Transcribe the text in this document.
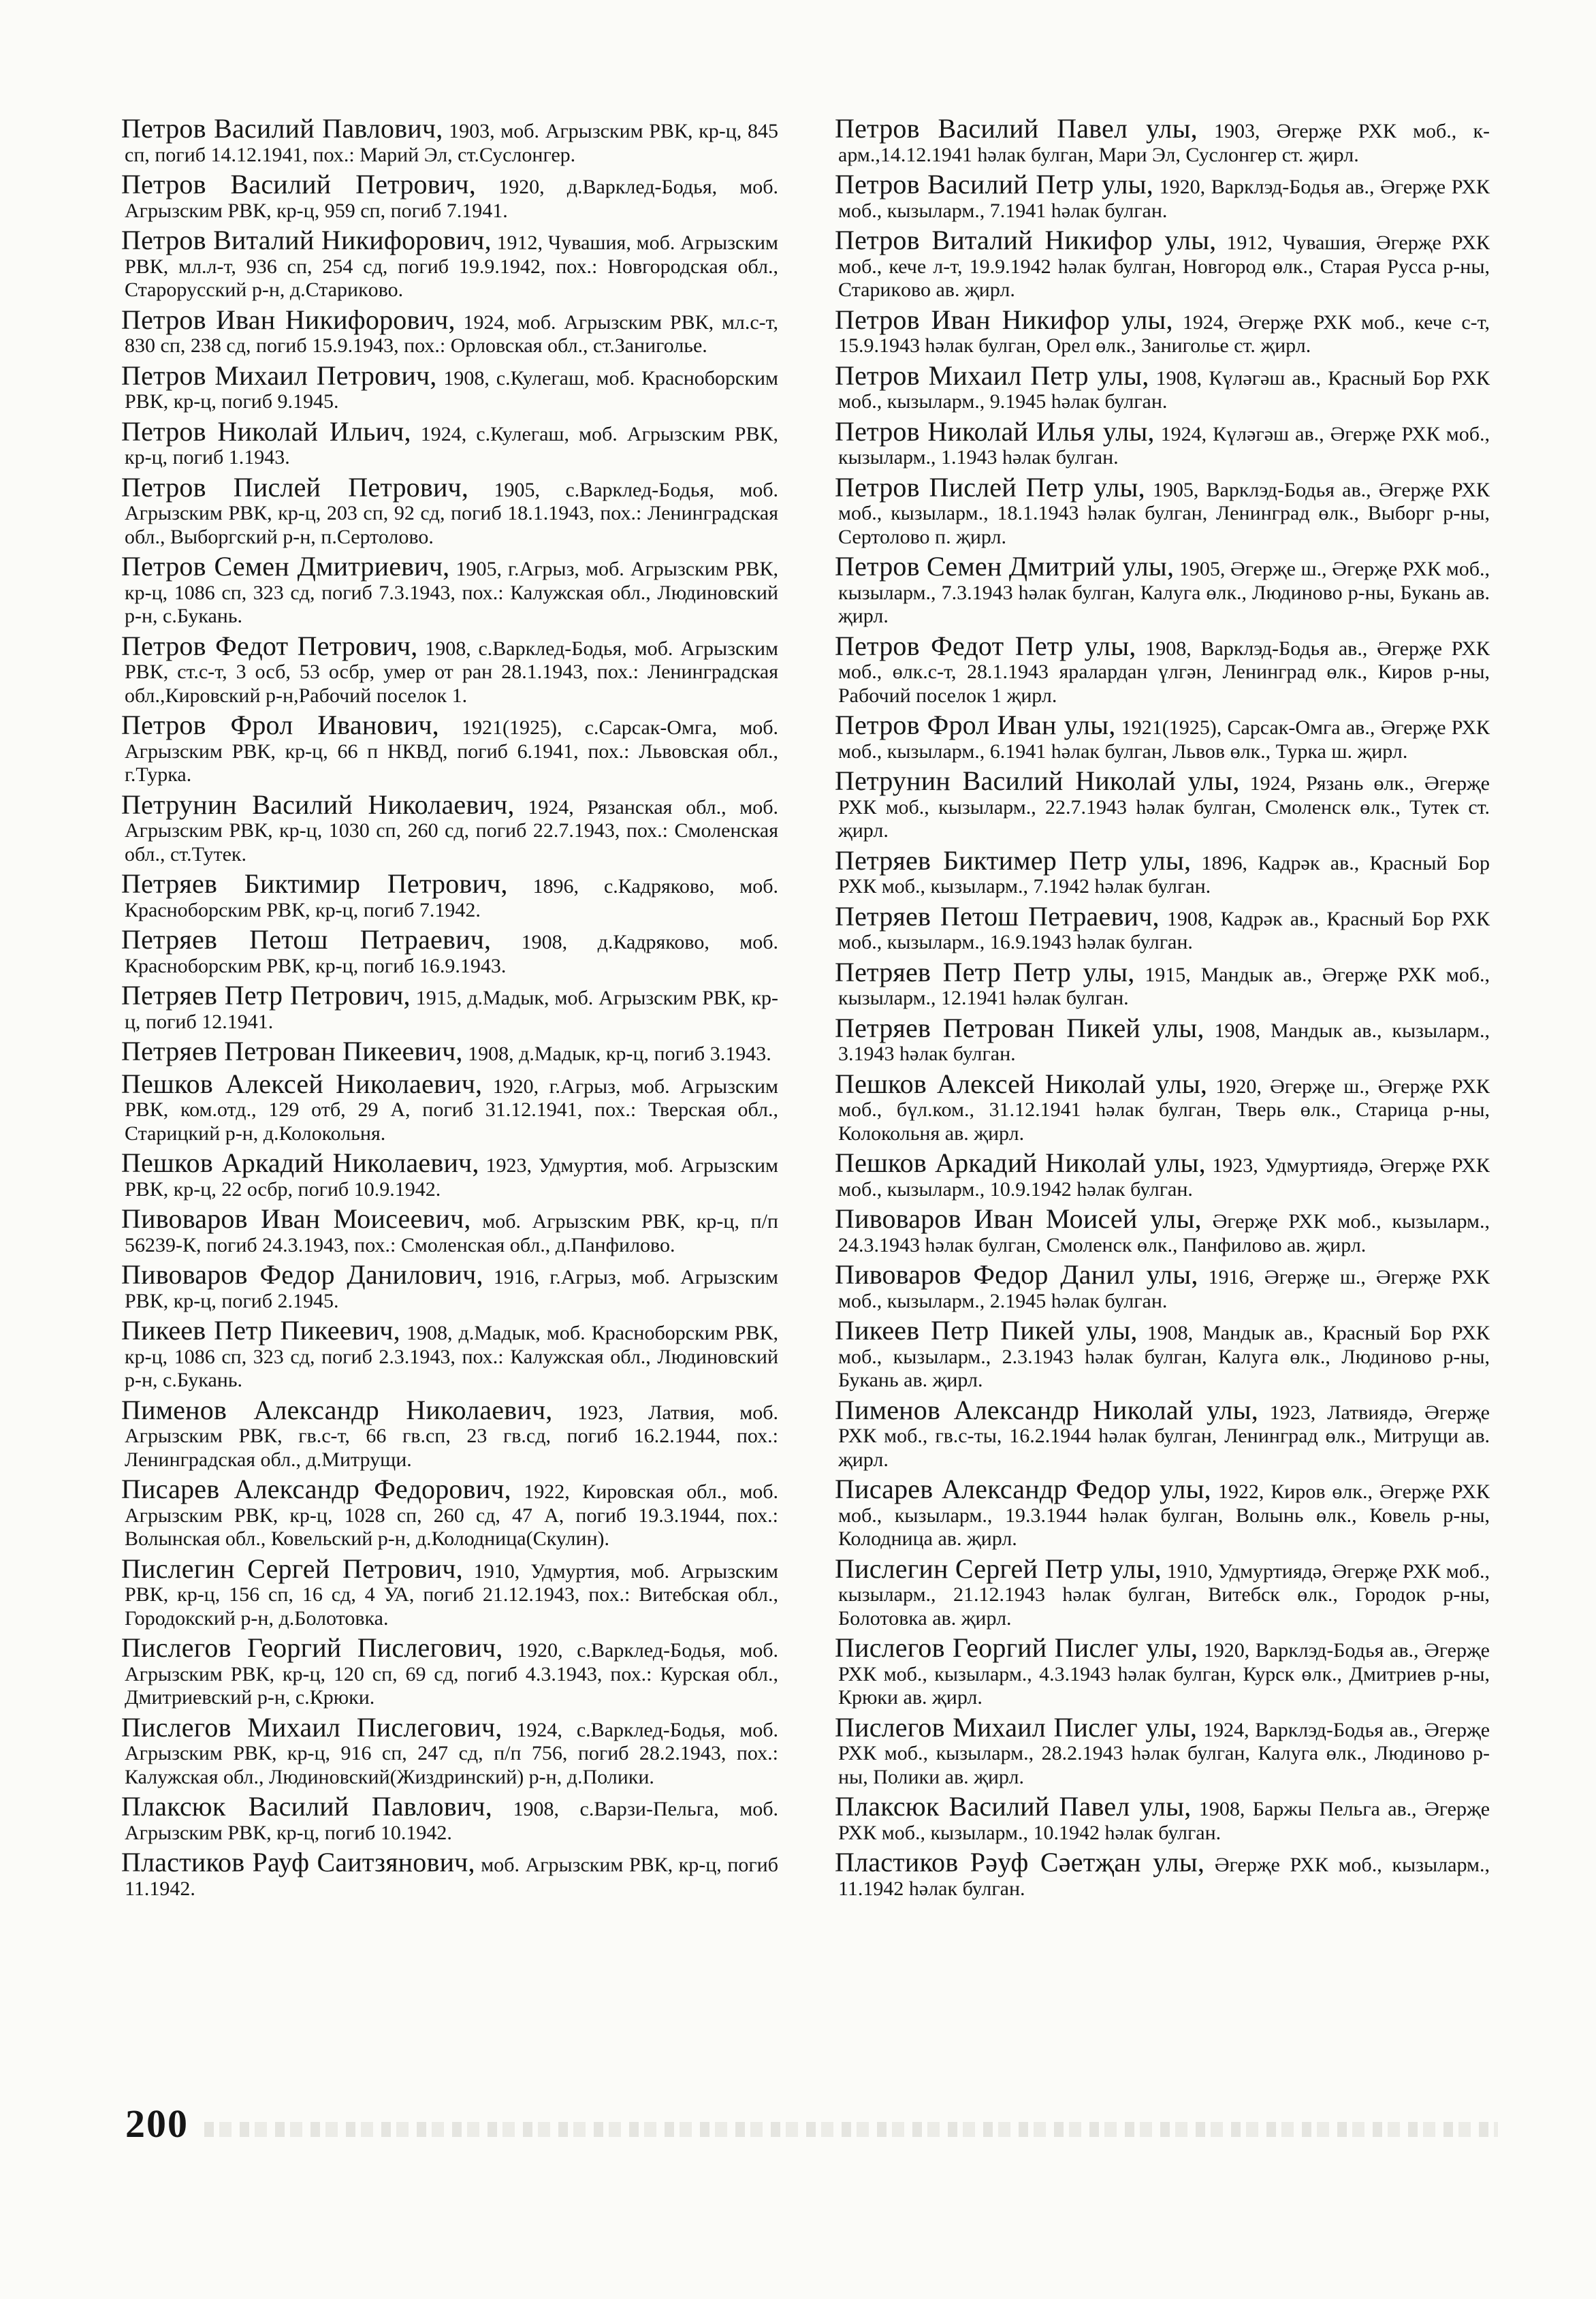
Петров Василий Павлович, 1903, моб. Агрызским РВК, кр-ц, 845 сп, погиб 14.12.1941, пох.: Марий Эл, ст.Суслонгер.

Петров Василий Петрович, 1920, д.Варклед-Бодья, моб. Агрызским РВК, кр-ц, 959 сп, погиб 7.1941.

Петров Виталий Никифорович, 1912, Чувашия, моб. Агрызским РВК, мл.л-т, 936 сп, 254 сд, погиб 19.9.1942, пох.: Новгородская обл., Старорусский р-н, д.Старикoво.

Петров Иван Никифорович, 1924, моб. Агрызским РВК, мл.с-т, 830 сп, 238 сд, погиб 15.9.1943, пох.: Орловская обл., ст.Заниголье.

Петров Михаил Петрович, 1908, с.Кулегаш, моб. Красноборским РВК, кр-ц, погиб 9.1945.

Петров Николай Ильич, 1924, с.Кулегаш, моб. Агрызским РВК, кр-ц, погиб 1.1943.

Петров Пислей Петрович, 1905, с.Варклед-Бодья, моб. Агрызским РВК, кр-ц, 203 сп, 92 сд, погиб 18.1.1943, пох.: Ленинградская обл., Выборгский р-н, п.Сертолово.

Петров Семен Дмитриевич, 1905, г.Агрыз, моб. Агрызским РВК, кр-ц, 1086 сп, 323 сд, погиб 7.3.1943, пох.: Калужская обл., Людиновский р-н, с.Букань.

Петров Федот Петрович, 1908, с.Варклед-Бодья, моб. Агрызским РВК, ст.с-т, 3 осб, 53 осбр, умер от ран 28.1.1943, пох.: Ленинградская обл.,Кировский р-н,Рабочий поселок 1.

Петров Фрол Иванович, 1921(1925), с.Сарсак-Омга, моб. Агрызским РВК, кр-ц, 66 п НКВД, погиб 6.1941, пох.: Львовская обл., г.Турка.

Петрунин Василий Николаевич, 1924, Рязанская обл., моб. Агрызским РВК, кр-ц, 1030 сп, 260 сд, погиб 22.7.1943, пох.: Смоленская обл., ст.Тутек.

Петряев Биктимир Петрович, 1896, с.Кадряково, моб. Красноборским РВК, кр-ц, погиб 7.1942.

Петряев Петош Петраевич, 1908, д.Кадряково, моб. Красноборским РВК, кр-ц, погиб 16.9.1943.

Петряев Петр Петрович, 1915, д.Мадык, моб. Агрызским РВК, кр-ц, погиб 12.1941.

Петряев Петрован Пикеевич, 1908, д.Мадык, кр-ц, погиб 3.1943.

Пешков Алексей Николаевич, 1920, г.Агрыз, моб. Агрызским РВК, ком.отд., 129 отб, 29 А, погиб 31.12.1941, пох.: Тверская обл., Старицкий р-н, д.Колокольня.

Пешков Аркадий Николаевич, 1923, Удмуртия, моб. Агрызским РВК, кр-ц, 22 осбр, погиб 10.9.1942.

Пивоваров Иван Моисеевич, моб. Агрызским РВК, кр-ц, п/п 56239-К, погиб 24.3.1943, пох.: Смоленская обл., д.Панфилово.

Пивоваров Федор Данилович, 1916, г.Агрыз, моб. Агрызским РВК, кр-ц, погиб 2.1945.

Пикеев Петр Пикеевич, 1908, д.Мадык, моб. Красноборским РВК, кр-ц, 1086 сп, 323 сд, погиб 2.3.1943, пох.: Калужская обл., Людиновский р-н, с.Букань.

Пименов Александр Николаевич, 1923, Латвия, моб. Агрызским РВК, гв.с-т, 66 гв.сп, 23 гв.сд, погиб 16.2.1944, пох.: Ленинградская обл., д.Митрущи.

Писарев Александр Федорович, 1922, Кировская обл., моб. Агрызским РВК, кр-ц, 1028 сп, 260 сд, 47 А, погиб 19.3.1944, пох.: Волынская обл., Ковельский р-н, д.Колодница(Скулин).

Пислегин Сергей Петрович, 1910, Удмуртия, моб. Агрызским РВК, кр-ц, 156 сп, 16 сд, 4 УА, погиб 21.12.1943, пох.: Витебская обл., Городокский р-н, д.Болотовка.

Пислегов Георгий Пислегович, 1920, с.Варклед-Бодья, моб. Агрызским РВК, кр-ц, 120 сп, 69 сд, погиб 4.3.1943, пох.: Курская обл., Дмитриевский р-н, с.Крюки.

Пислегов Михаил Пислегович, 1924, с.Варклед-Бодья, моб. Агрызским РВК, кр-ц, 916 сп, 247 сд, п/п 756, погиб 28.2.1943, пох.: Калужская обл., Людиновский(Жиздринский) р-н, д.Полики.

Плаксюк Василий Павлович, 1908, с.Варзи-Пельга, моб. Агрызским РВК, кр-ц, погиб 10.1942.

Пластиков Рауф Саитзянович, моб. Агрызским РВК, кр-ц, погиб 11.1942.

Петров Василий Павел улы, 1903, Әгерҗе РХК моб., к-арм.,14.12.1941 һәлак булган, Мари Эл, Суслонгер ст. җирл.

Петров Василий Петр улы, 1920, Варклэд-Бодья ав., Әгерҗе РХК моб., кызыларм., 7.1941 һәлак булган.

Петров Виталий Никифор улы, 1912, Чувашия, Әгерҗе РХК моб., кече л-т, 19.9.1942 һәлак булган, Новгород өлк., Старая Русса р-ны, Старикoво ав. җирл.

Петров Иван Никифор улы, 1924, Әгерҗе РХК моб., кече с-т, 15.9.1943 һәлак булган, Орел өлк., Заниголье ст. җирл.

Петров Михаил Петр улы, 1908, Күләгәш ав., Красный Бор РХК моб., кызыларм., 9.1945 һәлак булган.

Петров Николай Илья улы, 1924, Күләгәш ав., Әгерҗе РХК моб., кызыларм., 1.1943 һәлак булган.

Петров Пислей Петр улы, 1905, Варклэд-Бодья ав., Әгерҗе РХК моб., кызыларм., 18.1.1943 һәлак булган, Ленинград өлк., Выборг р-ны, Сертолово п. җирл.

Петров Семен Дмитрий улы, 1905, Әгерҗе ш., Әгерҗе РХК моб., кызыларм., 7.3.1943 һәлак булган, Калуга өлк., Людиново р-ны, Букань ав. җирл.

Петров Федот Петр улы, 1908, Варклэд-Бодья ав., Әгерҗе РХК моб., өлк.с-т, 28.1.1943 яралардан үлгән, Ленинград өлк., Киров р-ны, Рабочий поселок 1 җирл.

Петров Фрол Иван улы, 1921(1925), Сарсак-Омга ав., Әгерҗе РХК моб., кызыларм., 6.1941 һәлак булган, Львов өлк., Турка ш. җирл.

Петрунин Василий Николай улы, 1924, Рязань өлк., Әгерҗе РХК моб., кызыларм., 22.7.1943 һәлак булган, Смоленск өлк., Тутек ст. җирл.

Петряев Биктимер Петр улы, 1896, Кадрәк ав., Красный Бор РХК моб., кызыларм., 7.1942 һәлак булган.

Петряев Петош Петраевич, 1908, Кадрәк ав., Красный Бор РХК моб., кызыларм., 16.9.1943 һәлак булган.

Петряев Петр Петр улы, 1915, Мандык ав., Әгерҗе РХК моб., кызыларм., 12.1941 һәлак булган.

Петряев Петрован Пикей улы, 1908, Мандык ав., кызыларм., 3.1943 һәлак булган.

Пешков Алексей Николай улы, 1920, Әгерҗе ш., Әгерҗе РХК моб., бүл.ком., 31.12.1941 һәлак булган, Тверь өлк., Старица р-ны, Колокольня ав. җирл.

Пешков Аркадий Николай улы, 1923, Удмуртиядә, Әгерҗе РХК моб., кызыларм., 10.9.1942 һәлак булган.

Пивоваров Иван Моисей улы, Әгерҗе РХК моб., кызыларм., 24.3.1943 һәлак булган, Смоленск өлк., Панфилово ав. җирл.

Пивоваров Федор Данил улы, 1916, Әгерҗе ш., Әгерҗе РХК моб., кызыларм., 2.1945 һәлак булган.

Пикеев Петр Пикей улы, 1908, Мандык ав., Красный Бор РХК моб., кызыларм., 2.3.1943 һәлак булган, Калуга өлк., Людиново р-ны, Букань ав. җирл.

Пименов Александр Николай улы, 1923, Латвиядә, Әгерҗе РХК моб., гв.с-ты, 16.2.1944 һәлак булган, Ленинград өлк., Митрущи ав. җирл.

Писарев Александр Федор улы, 1922, Киров өлк., Әгерҗе РХК моб., кызыларм., 19.3.1944 һәлак булган, Волынь өлк., Ковель р-ны, Колодница ав. җирл.

Пислегин Сергей Петр улы, 1910, Удмуртиядә, Әгерҗе РХК моб., кызыларм., 21.12.1943 һәлак булган, Витебск өлк., Городок р-ны, Болотовка ав. җирл.

Пислегов Георгий Пислег улы, 1920, Варклэд-Бодья ав., Әгерҗе РХК моб., кызыларм., 4.3.1943 һәлак булган, Курск өлк., Дмитриев р-ны, Крюки ав. җирл.

Пислегов Михаил Пислег улы, 1924, Варклэд-Бодья ав., Әгерҗе РХК моб., кызыларм., 28.2.1943 һәлак булган, Калуга өлк., Людиново р-ны, Полики ав. җирл.

Плаксюк Василий Павел улы, 1908, Баржы Пельга ав., Әгерҗе РХК моб., кызыларм., 10.1942 һәлак булган.

Пластиков Рәуф Сәетҗан улы, Әгерҗе РХК моб., кызыларм., 11.1942 һәлак булган.

200
